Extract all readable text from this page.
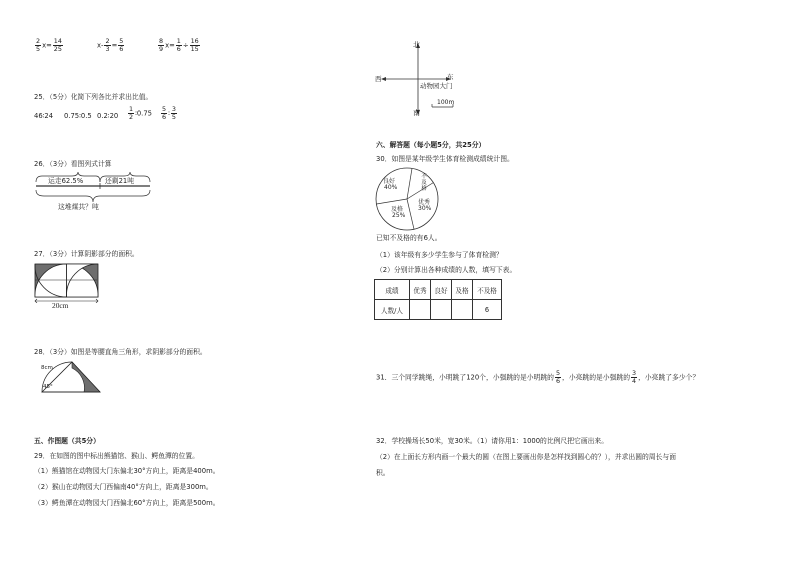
$\frac{2}{5} x= \frac{14}{25}$	$x- \frac{2}{3} = \frac{5}{6}$	$\frac{8}{9} x= \frac{1}{6} \div \frac{16}{15}$
25．（5分）化简下列各比并求出比值。
46∶24 0.75∶0.5 0.2∶20 $\frac{1}{2}$ ∶0.75 $\frac{5}{6}$ ∶ $\frac{3}{5}$
26．（3分）看图列式计算
运走62.5%	还剩21吨
这堆煤共？吨
27．（3分）计算阴影部分的面积。
20cm
28．（3分）如图是等腰直角三角形，求阴影部分的面积。
8cm
45°
五、作图题（共5分）
29．在如图的图中标出熊猫馆、猴山、鳄鱼潭的位置。
（1）熊猫馆在动物园大门东偏北30°方向上，距离是400m。
（2）猴山在动物园大门西偏南40°方向上，距离是300m。
（3）鳄鱼潭在动物园大门西偏北60°方向上，距离是500m。
北
南
西	东
动物园大门
100m
六、解答题（每小题5分，共25分）
30．如图是某年级学生体育检测成绩统计图。
良好
40%
不及格
优秀
30%
及格
25%
已知不及格的有6人。
（1）该年级有多少学生参与了体育检测？
（2）分别计算出各种成绩的人数，填写下表。
成绩	优秀	良好	及格	不及格
人数/人				6
31．三个同学跳绳，小明跳了120个，小强跳的是小明跳的 $\frac{5}{6}$ ，小亮跳的是小强跳的 $\frac{3}{4}$ ，小亮跳了多少个？
32．学校操场长50米，宽30米。（1）请你用1：1000的比例尺把它画出来。
（2）在上面长方形内画一个最大的圆（在图上要画出你是怎样找到圆心的？），并求出圆的周长与面
积。
